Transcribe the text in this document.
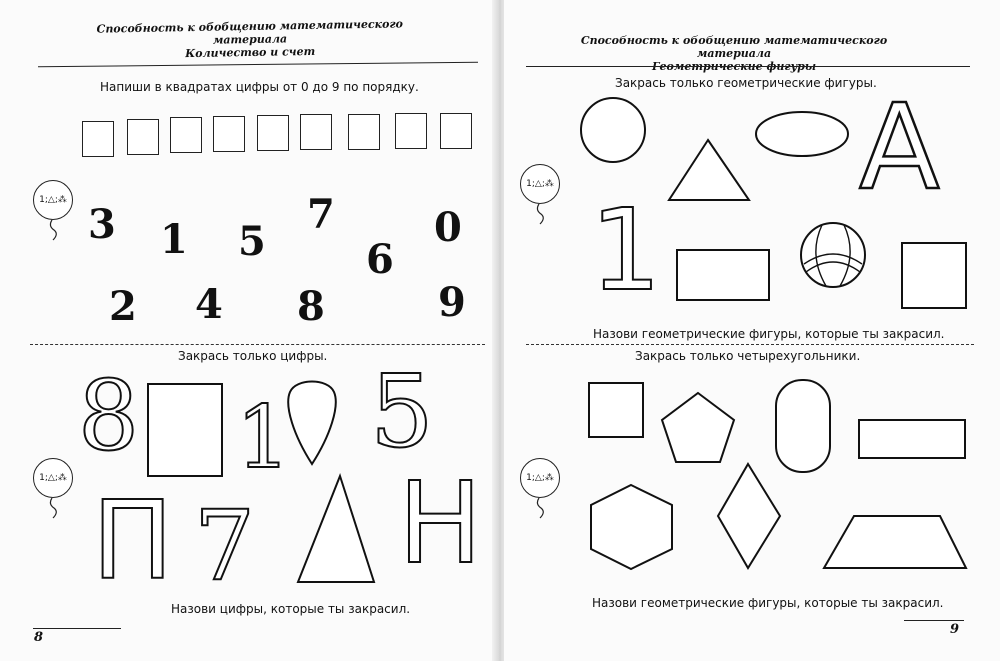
Способность к обобщению математического материала
Количество и счет
Напиши в квадратах цифры от 0 до 9 по порядку.
1;△;⁂
3 1 5
7
6
0
2 4 8	9
Закрась только цифры.
8 1 5
1;△;⁂
П 7 Н
Назови цифры, которые ты закрасил.
8
Способность к обобщению математического материала
Геометрические фигуры
Закрась только геометрические фигуры.
А
1;△;⁂
1
Назови геометрические фигуры, которые ты закрасил.
Закрась только четырехугольники.
1;△;⁂
Назови геометрические фигуры, которые ты закрасил.
9
